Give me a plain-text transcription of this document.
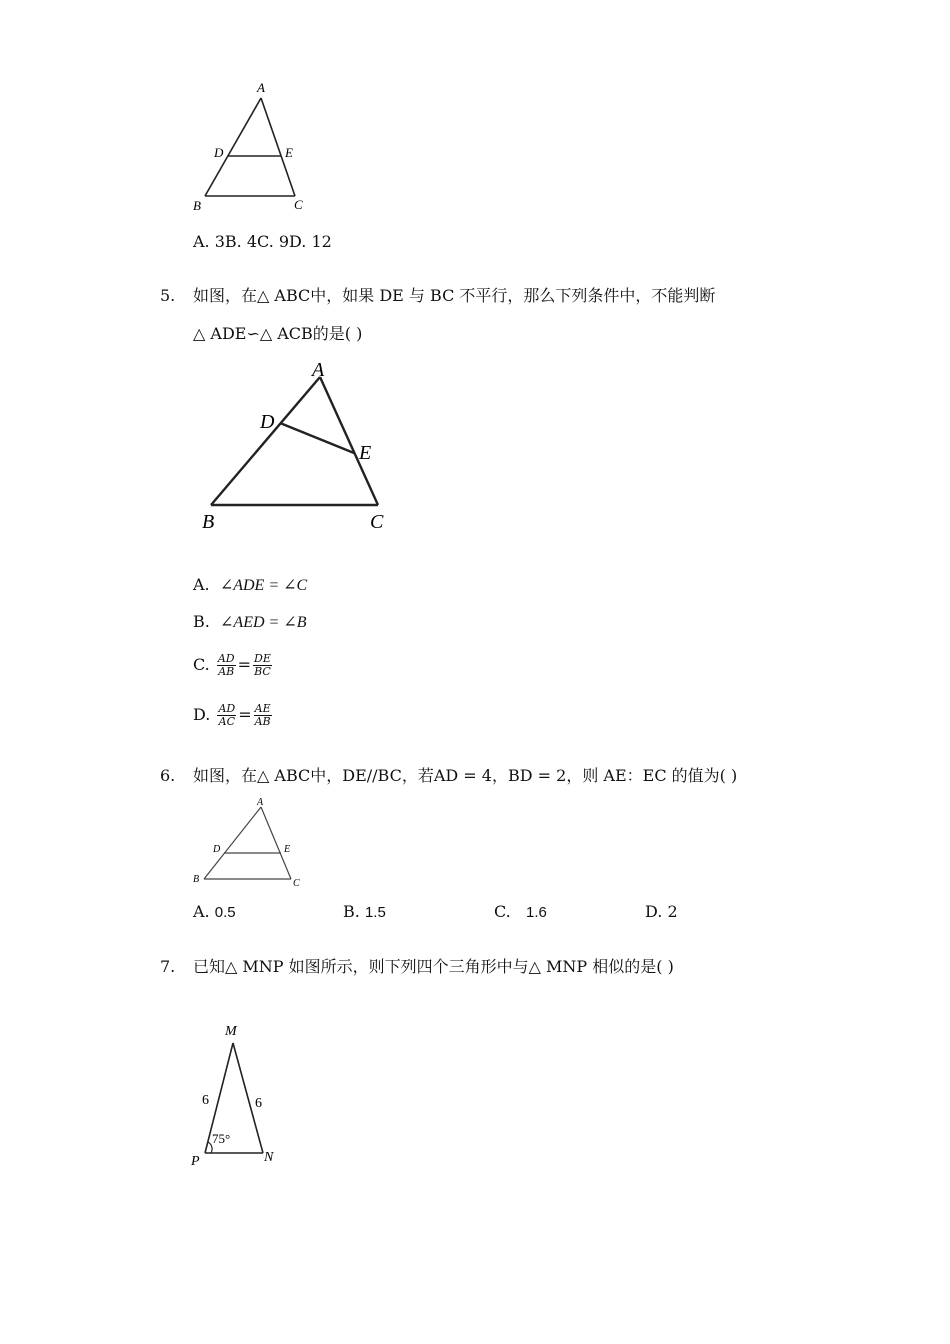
A
D	E
B	C
A. 3B. 4C. 9D. 12
5. 如图，在△ ABC中，如果 DE 与 BC 不平行，那么下列条件中，不能判断
△ ADE∽△ ACB的是( )
A
D
E
B	C
A. ∠ADE = ∠C
B. ∠AED = ∠B
C. $\frac{AD}{AB} = \frac{DE}{BC}$
D. $\frac{AD}{AC} = \frac{AE}{AB}$
6. 如图，在△ ABC中，DE//BC，若AD = 4，BD = 2，则 AE：EC 的值为( )
A
D	E
B	C
A. 0.5	B. 1.5	C. 1.6	D. 2
7. 已知△ MNP 如图所示，则下列四个三角形中与△ MNP 相似的是( )
M
6	6
75°
P	N
